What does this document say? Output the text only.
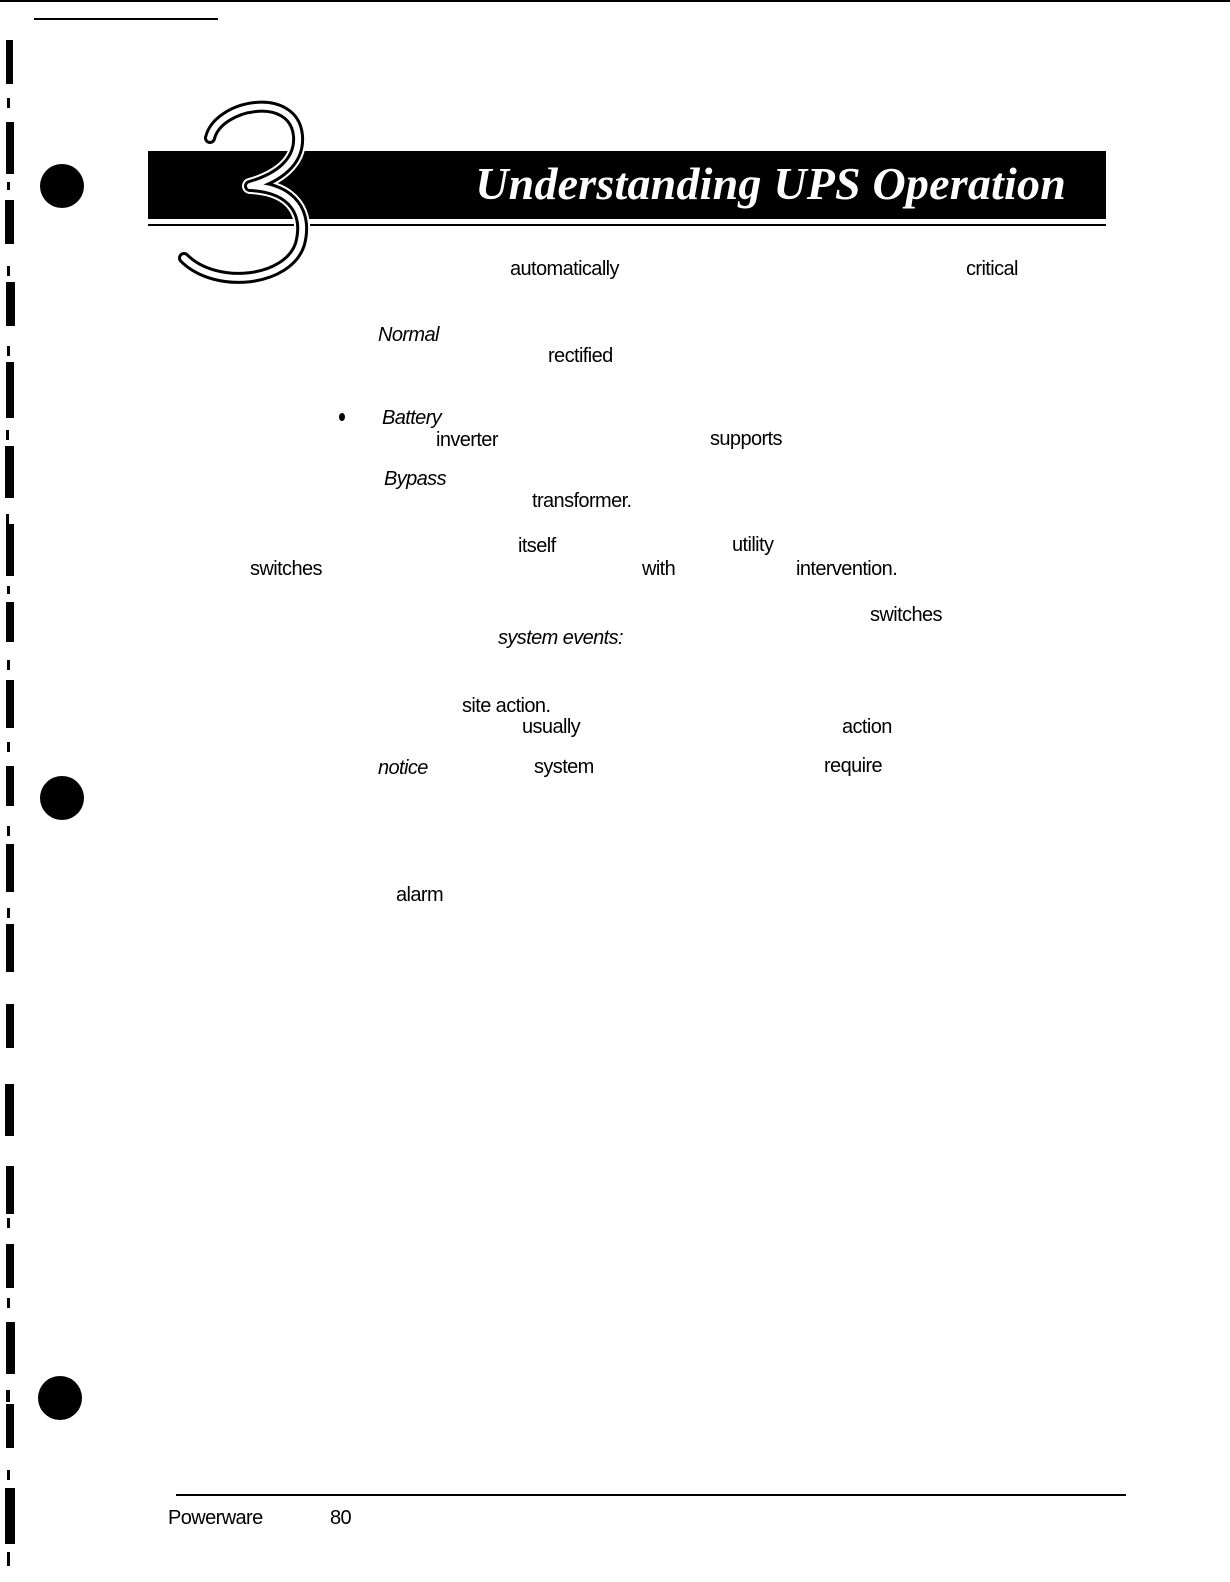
Understanding UPS Operation
automatically	critical
Normal
rectified
Battery
inverter	supports
Bypass
transformer.
itself	utility
switches	with	intervention.
switches
system events:
site action.
usually	action
notice	system	require
alarm
Powerware	80
